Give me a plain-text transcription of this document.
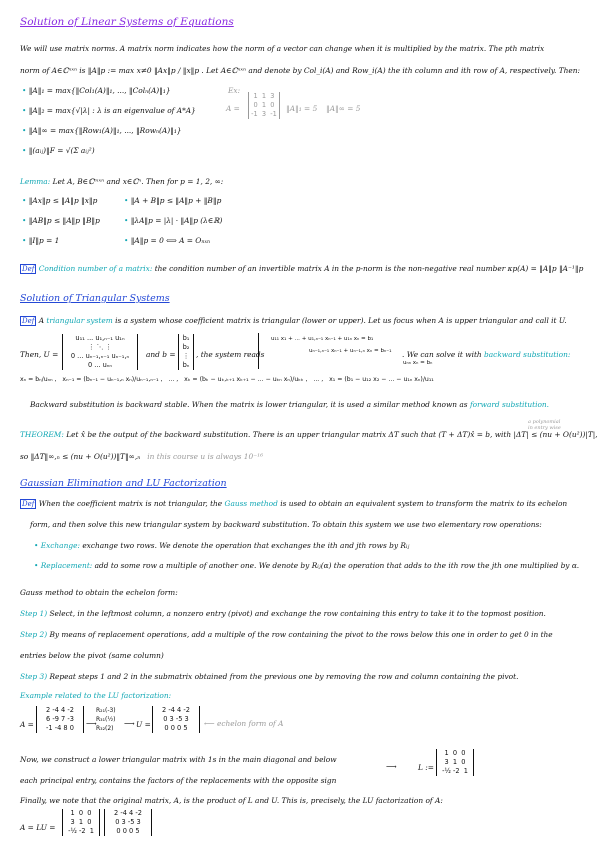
Solution of Linear Systems of Equations
We will use matrix norms. A matrix norm indicates how the norm of a vector can change when it is multiplied by the matrix. The pth matrix
norm of A∈ℂⁿˣⁿ is ‖A‖p := max x≠0 ‖Ax‖p / ‖x‖p . Let A∈ℂⁿˣⁿ and denote by Col_i(A) and Row_i(A) the ith column and ith row of A, respectively. Then:
• ‖A‖₁ = max{‖Col₁(A)‖₁, ..., ‖Colₙ(A)‖₁}
• ‖A‖₂ = max{√|λ| : λ is an eigenvalue of A*A}
• ‖A‖∞ = max{‖Row₁(A)‖₁, ..., ‖Rowₙ(A)‖₁}
• ‖(aᵢⱼ)‖F = √(Σ aᵢⱼ²)
Ex:
A =
1 1 3
0 1 0
-1 3 -1
‖A‖₁ = 5 ‖A‖∞ = 5
Lemma: Let A, B∈ℂᵐˣⁿ and x∈ℂⁿ. Then for p = 1, 2, ∞:
• ‖Ax‖p ≤ ‖A‖p ‖x‖p
• ‖AB‖p ≤ ‖A‖p ‖B‖p
• ‖I‖p = 1
• ‖A + B‖p ≤ ‖A‖p + ‖B‖p
• ‖λA‖p = |λ| · ‖A‖p (λ∈ℝ)
• ‖A‖p = 0 ⟺ A = Oₙₓₙ
Def Condition number of a matrix: the condition number of an invertible matrix A in the p-norm is the non-negative real number κp(A) = ‖A‖p ‖A⁻¹‖p
Solution of Triangular Systems
Def A triangular system is a system whose coefficient matrix is triangular (lower or upper). Let us focus when A is upper triangular and call it U.
Then, U =
u₁₁ ... u₁,ₙ₋₁ u₁ₙ
⋮ ⋱ ⋮
0 ... uₙ₋₁,ₙ₋₁ uₙ₋₁,ₙ
0 ... uₙₙ
and b =
b₁
b₂
⋮
bₙ
, the system reads
u₁₁ x₁ + ... + u₁,ₙ₋₁ xₙ₋₁ + u₁ₙ xₙ = b₁
uₙ₋₁,ₙ₋₁ xₙ₋₁ + uₙ₋₁,ₙ xₙ = bₙ₋₁
uₙₙ xₙ = bₙ
. We can solve it with backward substitution:
xₙ = bₙ/uₙₙ , xₙ₋₁ = (bₙ₋₁ − uₙ₋₁,ₙ xₙ)/uₙ₋₁,ₙ₋₁ , ... , xₖ = (bₖ − uₖ,ₖ₊₁ xₖ₊₁ − ... − uₖₙ xₙ)/uₖₖ , ... , x₁ = (b₁ − u₁₂ x₂ − ... − u₁ₙ xₙ)/u₁₁
Backward substitution is backward stable. When the matrix is lower triangular, it is used a similar method known as forward substitution.
a polynomial
in entry wise
THEOREM: Let x̂ be the output of the backward substitution. There is an upper triangular matrix ΔT such that (T + ΔT)x̂ = b, with |ΔT| ≤ (nu + O(u²))|T|,
so ‖ΔT‖∞,ₙ ≤ (nu + O(u²))‖T‖∞,ₙ in this course u is always 10⁻¹⁶
Gaussian Elimination and LU Factorization
Def When the coefficient matrix is not triangular, the Gauss method is used to obtain an equivalent system to transform the matrix to its echelon
form, and then solve this new triangular system by backward substitution. To obtain this system we use two elementary row operations:
• Exchange: exchange two rows. We denote the operation that exchanges the ith and jth rows by Rᵢⱼ
• Replacement: add to some row a multiple of another one. We denote by Rᵢⱼ(α) the operation that adds to the ith row the jth one multiplied by α.
Gauss method to obtain the echelon form:
Step 1) Select, in the leftmost column, a nonzero entry (pivot) and exchange the row containing this entry to take it to the topmost position.
Step 2) By means of replacement operations, add a multiple of the row containing the pivot to the rows below this one in order to get 0 in the
entries below the pivot (same column)
Step 3) Repeat steps 1 and 2 in the submatrix obtained from the previous one by removing the row and column containing the pivot.
Example related to the LU factorization:
A =
2 -4 4 -2
6 -9 7 -3
-1 -4 8 0	⟶
R₂₁(-3)
R₃₁(½)
R₃₂(2)
⟶ U =
2 -4 4 -2
0 3 -5 3
0 0 0 5	⟵ echelon form of A
Now, we construct a lower triangular matrix with 1s in the main diagonal and below
each principal entry, contains the factors of the replacements with the opposite sign
⟶	L :=
1 0 0
3 1 0
-½ -2 1
Finally, we note that the original matrix, A, is the product of L and U. This is, precisely, the LU factorization of A:
A = LU =
1 0 0
3 1 0
-½ -2 1
2 -4 4 -2
0 3 -5 3
0 0 0 5
